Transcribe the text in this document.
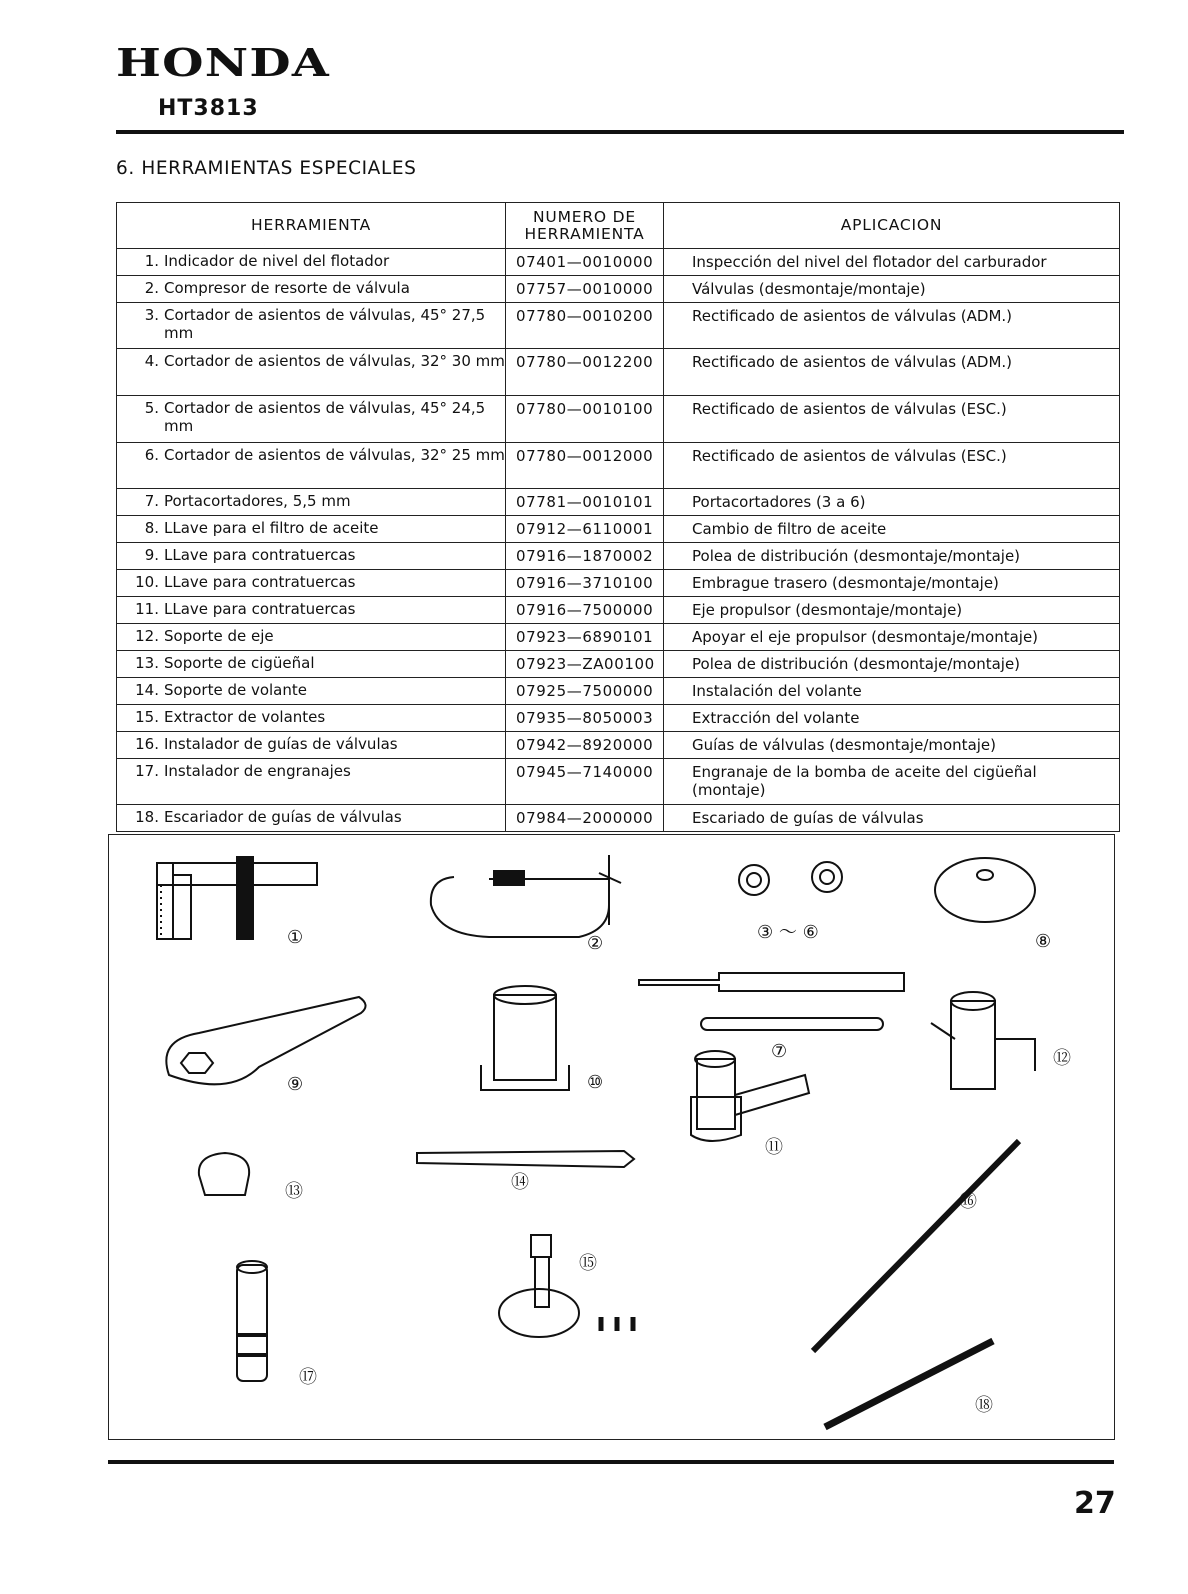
HONDA
HT3813
6. HERRAMIENTAS ESPECIALES
HERRAMIENTA	NUMERO DE HERRAMIENTA	APLICACION

1. Indicador de nivel del flotador	07401—0010000	Inspección del nivel del flotador del carburador

2. Compresor de resorte de válvula	07757—0010000	Válvulas (desmontaje/montaje)

3. Cortador de asientos de válvulas, 45° 27,5 mm	07780—0010200	Rectificado de asientos de válvulas (ADM.)

4. Cortador de asientos de válvulas, 32° 30 mm	07780—0012200	Rectificado de asientos de válvulas (ADM.)

5. Cortador de asientos de válvulas, 45° 24,5 mm	07780—0010100	Rectificado de asientos de válvulas (ESC.)

6. Cortador de asientos de válvulas, 32° 25 mm	07780—0012000	Rectificado de asientos de válvulas (ESC.)

7. Portacortadores, 5,5 mm	07781—0010101	Portacortadores (3 a 6)

8. LLave para el filtro de aceite	07912—6110001	Cambio de filtro de aceite

9. LLave para contratuercas	07916—1870002	Polea de distribución (desmontaje/montaje)

10. LLave para contratuercas	07916—3710100	Embrague trasero (desmontaje/montaje)

11. LLave para contratuercas	07916—7500000	Eje propulsor (desmontaje/montaje)

12. Soporte de eje	07923—6890101	Apoyar el eje propulsor (desmontaje/montaje)

13. Soporte de cigüeñal	07923—ZA00100	Polea de distribución (desmontaje/montaje)

14. Soporte de volante	07925—7500000	Instalación del volante

15. Extractor de volantes	07935—8050003	Extracción del volante

16. Instalador de guías de válvulas	07942—8920000	Guías de válvulas (desmontaje/montaje)

17. Instalador de engranajes	07945—7140000	Engranaje de la bomba de aceite del cigüeñal (montaje)

18. Escariador de guías de válvulas	07984—2000000	Escariado de guías de válvulas
①	②
③ ～ ⑥	⑧
⑦
⑨	⑩
⑪
⑫
⑬	⑭
⑮
⑯
⑰
⑱
27
